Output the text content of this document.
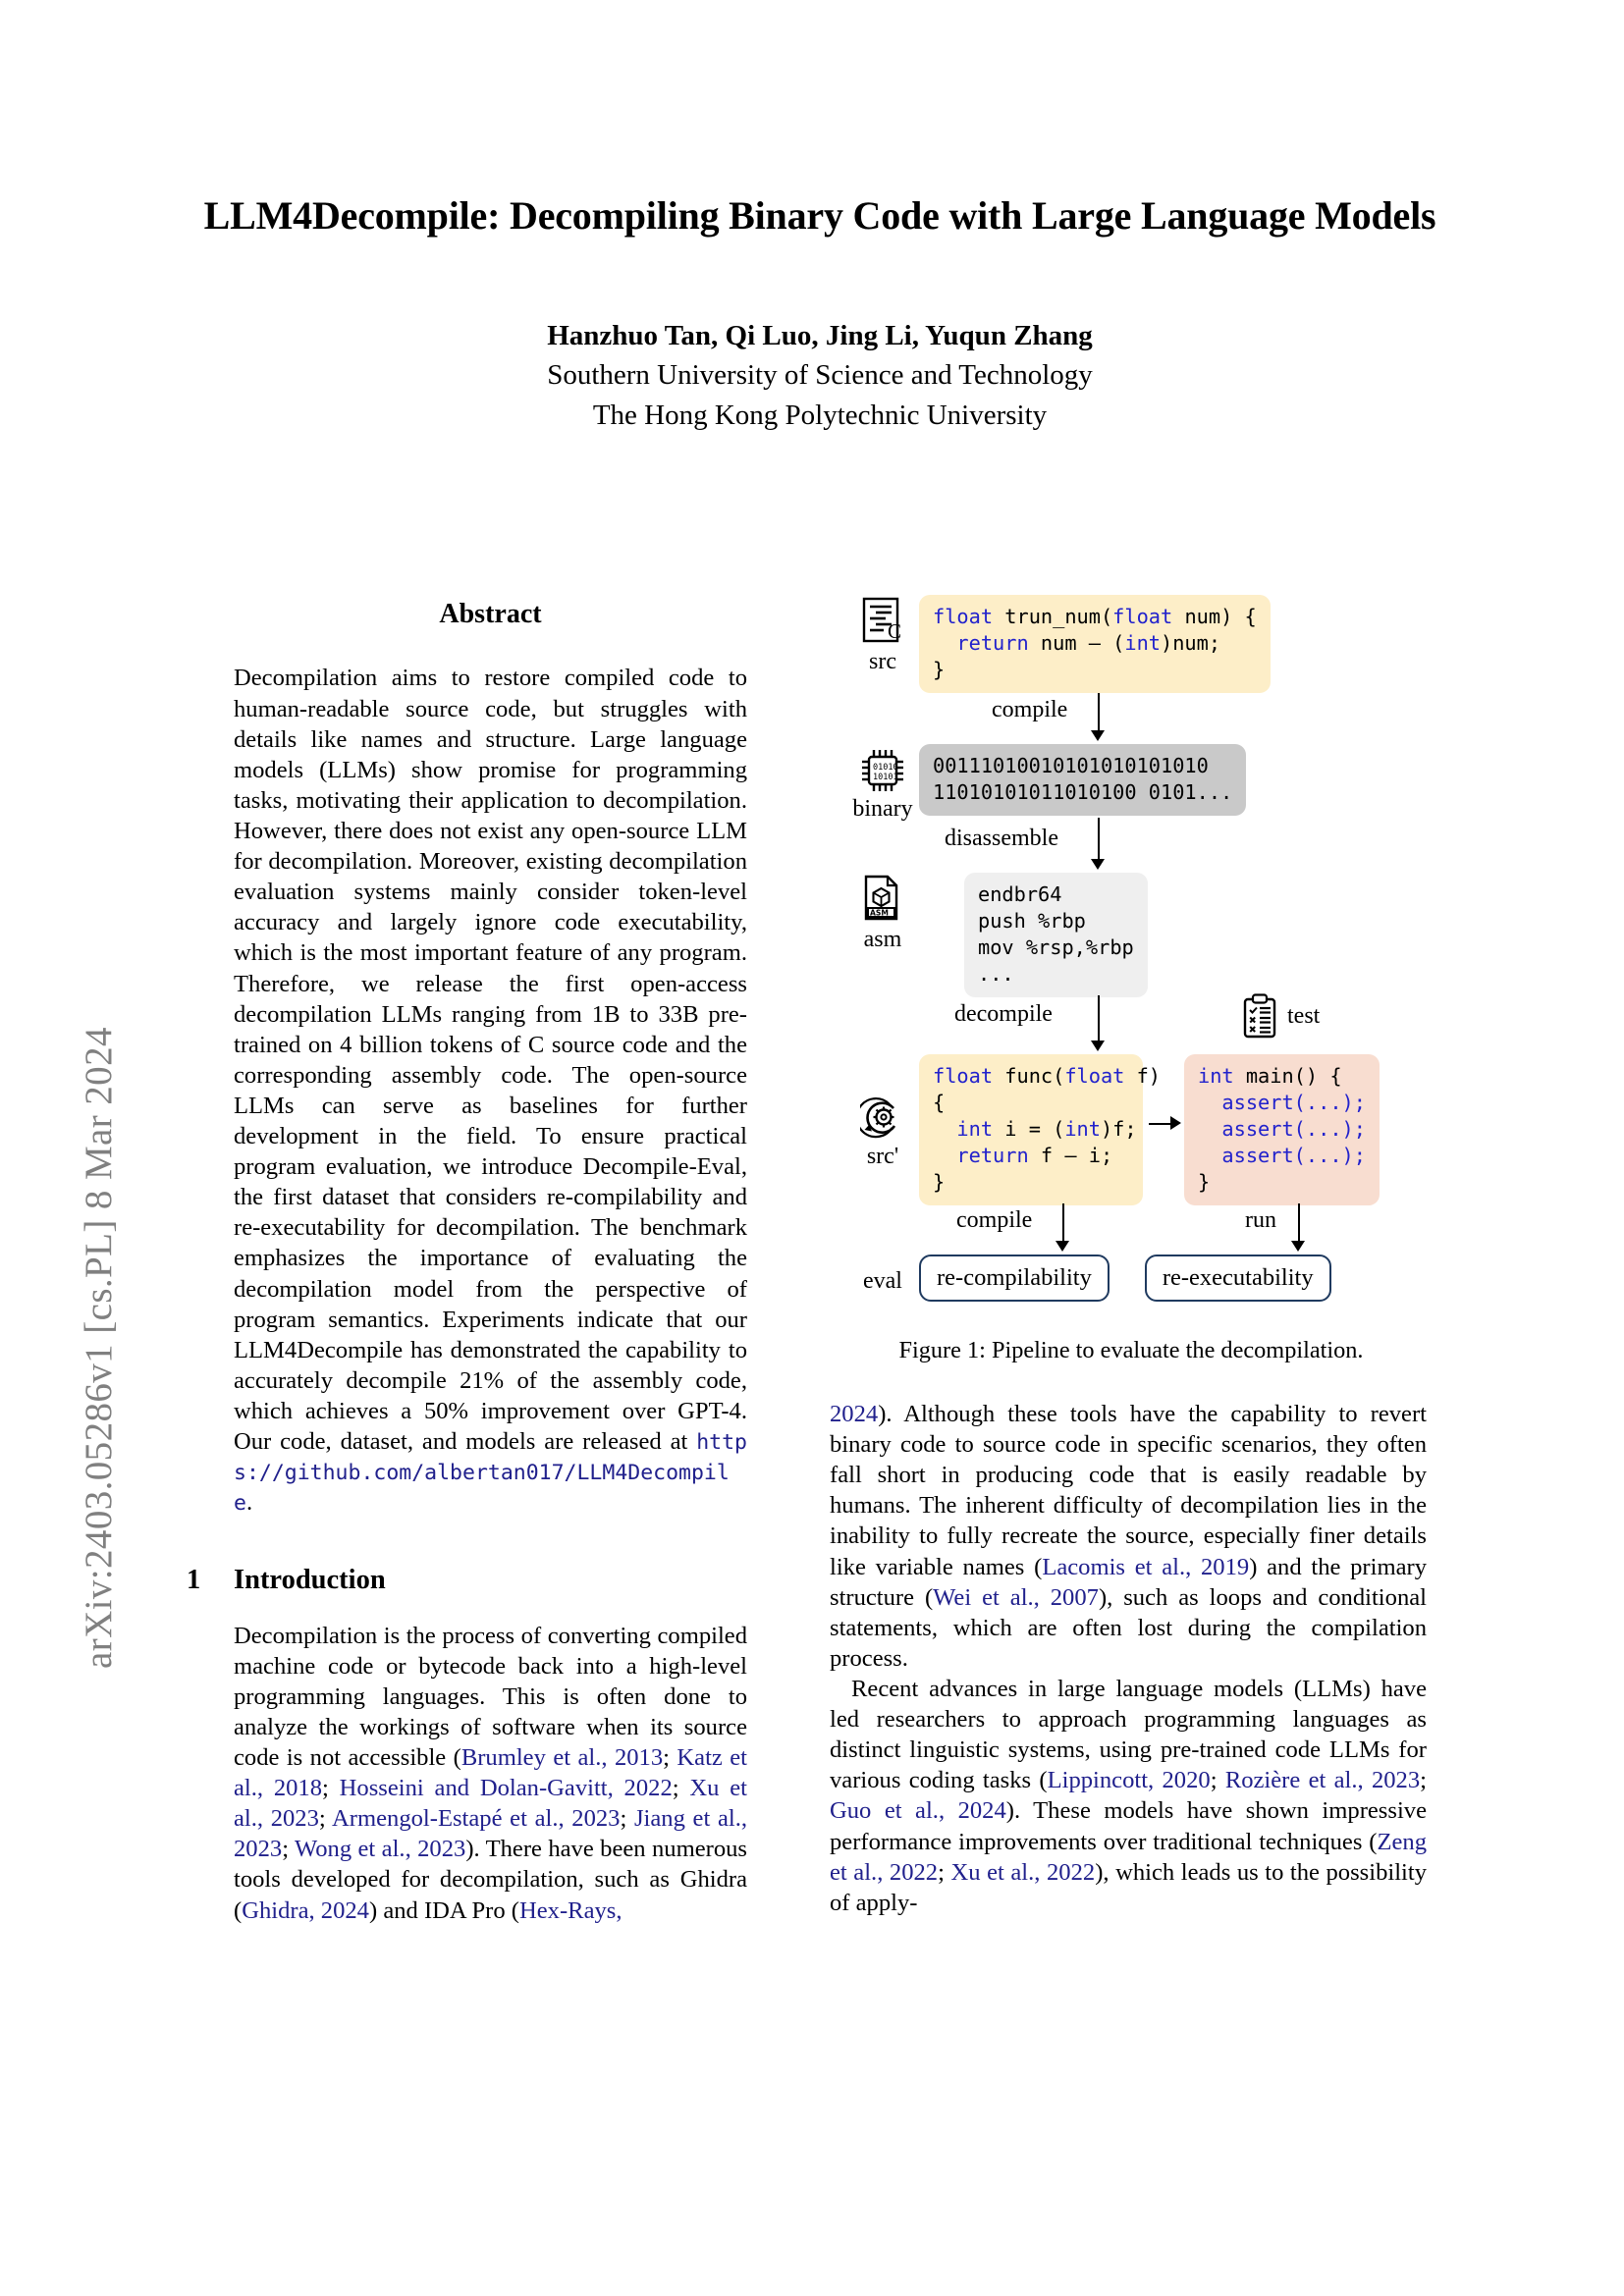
arXiv:2403.05286v1 [cs.PL] 8 Mar 2024
LLM4Decompile: Decompiling Binary Code with Large Language Models
Hanzhuo Tan, Qi Luo, Jing Li, Yuqun Zhang
Southern University of Science and Technology
The Hong Kong Polytechnic University
Abstract

Decompilation aims to restore compiled code to human-readable source code, but struggles with details like names and structure. Large language models (LLMs) show promise for programming tasks, motivating their application to decompilation. However, there does not exist any open-source LLM for decompilation. Moreover, existing decompilation evaluation systems mainly consider token-level accuracy and largely ignore code executability, which is the most important feature of any program. Therefore, we release the first open-access decompilation LLMs ranging from 1B to 33B pre-trained on 4 billion tokens of C source code and the corresponding assembly code. The open-source LLMs can serve as baselines for further development in the field. To ensure practical program evaluation, we introduce Decompile-Eval, the first dataset that considers re-compilability and re-executability for decompilation. The benchmark emphasizes the importance of evaluating the decompilation model from the perspective of program semantics. Experiments indicate that our LLM4Decompile has demonstrated the capability to accurately decompile 21% of the assembly code, which achieves a 50% improvement over GPT-4. Our code, dataset, and models are released at https://github.com/albertan017/LLM4Decompile.

1 Introduction

Decompilation is the process of converting compiled machine code or bytecode back into a high-level programming languages. This is often done to analyze the workings of software when its source code is not accessible (Brumley et al., 2013; Katz et al., 2018; Hosseini and Dolan-Gavitt, 2022; Xu et al., 2023; Armengol-Estapé et al., 2023; Jiang et al., 2023; Wong et al., 2023). There have been numerous tools developed for decompilation, such as Ghidra (Ghidra, 2024) and IDA Pro (Hex-Rays,

C
src
float trun_num(float num) {
return num – (int)num;
}
compile
01010
10101
binary
00111010010101010101010
11010101011010100 0101...
disassemble
ASM
asm
endbr64
push %rbp
mov %rsp,%rbp
...
decompile	test
src'
float func(float f)
{
int i = (int)f;
return f – i;
}
int main() {
assert(...);
assert(...);
assert(...);
}
compile	run
eval	re-compilability	re-executability
Figure 1: Pipeline to evaluate the decompilation.

2024). Although these tools have the capability to revert binary code to source code in specific scenarios, they often fall short in producing code that is easily readable by humans. The inherent difficulty of decompilation lies in the inability to fully recreate the source, especially finer details like variable names (Lacomis et al., 2019) and the primary structure (Wei et al., 2007), such as loops and conditional statements, which are often lost during the compilation process.

Recent advances in large language models (LLMs) have led researchers to approach programming languages as distinct linguistic systems, using pre-trained code LLMs for various coding tasks (Lippincott, 2020; Rozière et al., 2023; Guo et al., 2024). These models have shown impressive performance improvements over traditional techniques (Zeng et al., 2022; Xu et al., 2022), which leads us to the possibility of apply-
